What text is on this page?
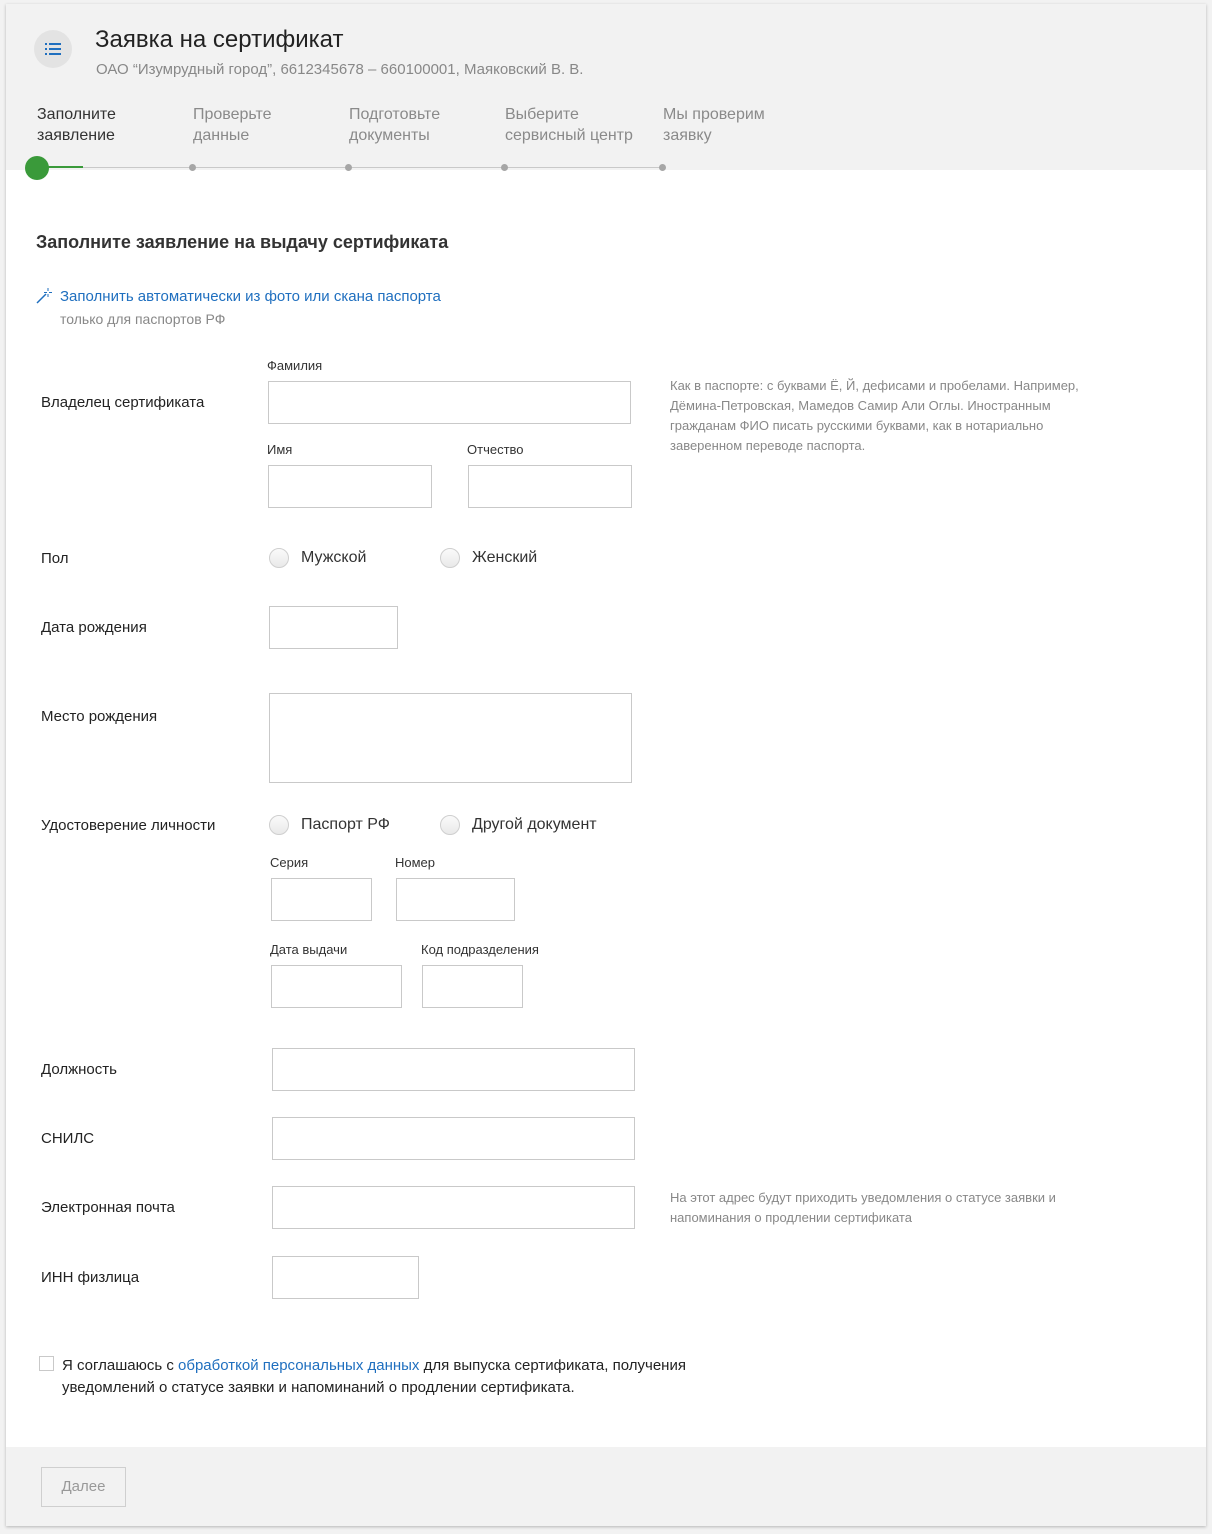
Заявка на сертификат
ОАО “Изумрудный город”, 6612345678 – 660100001, Маяковский В. В.
Заполните заявление
Проверьте данные
Подготовьте документы
Выберите сервисный центр
Мы проверим заявку
Заполните заявление на выдачу сертификата
Заполнить автоматически из фото или скана паспорта
только для паспортов РФ
Владелец сертификата
Фамилия
Имя	Отчество
Как в паспорте: с буквами Ё, Й, дефисами и пробелами. Например, Дёмина-Петровская, Мамедов Самир Али Оглы. Иностранным гражданам ФИО писать русскими буквами, как в нотариально заверенном переводе паспорта.
Пол	Мужской	Женский
Дата рождения
Место рождения
Удостоверение личности	Паспорт РФ	Другой документ
Серия	Номер
Дата выдачи	Код подразделения
Должность
СНИЛС
Электронная почта
На этот адрес будут приходить уведомления о статусе заявки и напоминания о продлении сертификата
ИНН физлица
Я соглашаюсь с обработкой персональных данных для выпуска сертификата, получения уведомлений о статусе заявки и напоминаний о продлении сертификата.
Далее
